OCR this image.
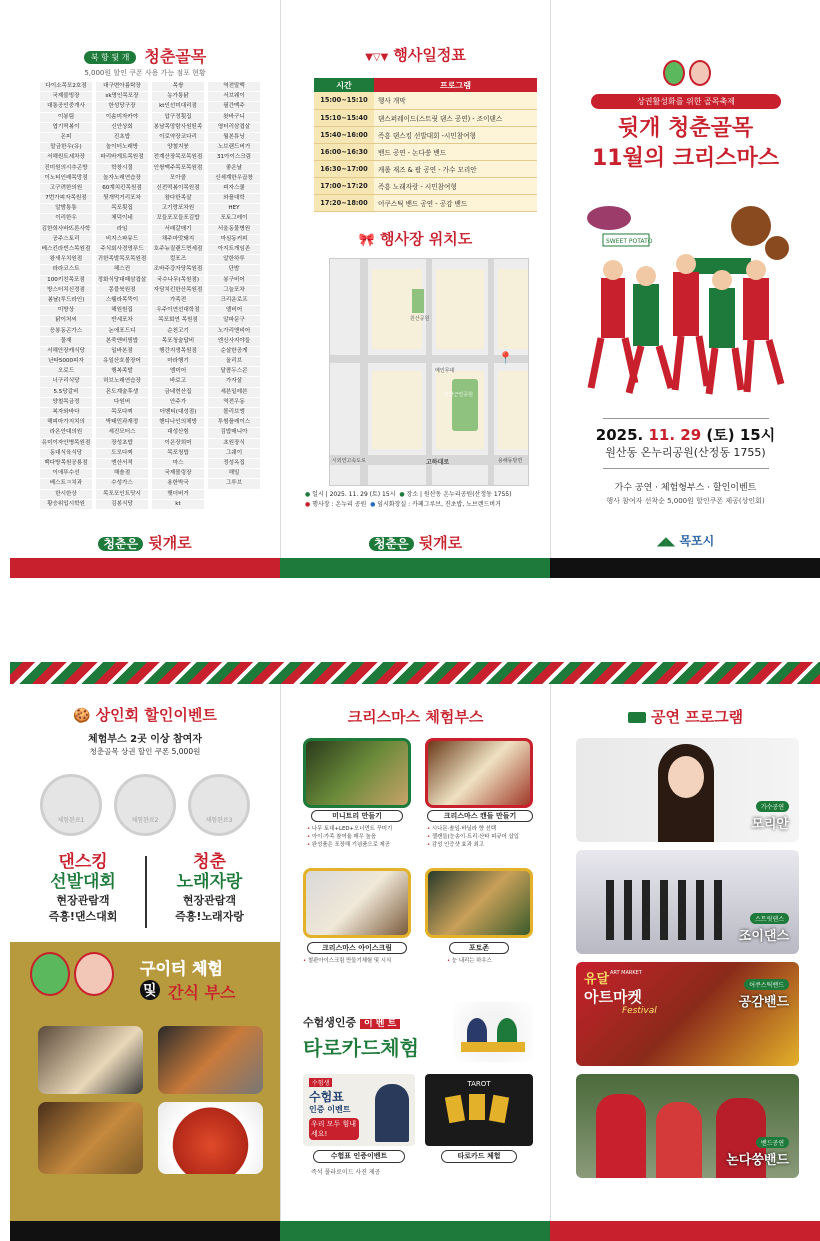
북 항 뒷 개 청춘골목
5,000원 할인 쿠폰 사용 가능 점포 현황
다이소목포2호점	대구변아름탁장	목쌍	역전말멕
국제불빙장	sk명인목포장	농가통닭	서브웨이
대통공인중개사	한성당구장	kt인선미대리점	필간맥주
이봉팀	이솜미자카야	압구정횟집	왓바구니
엽기떡볶이	신안상회	봉남목망람사원띤족	영터리삼겹살
온피	진초밥	이로약장코다리	월본튜닝
말금한우(유)	놀이터노래방	양철지붕	노브랜드버거
서해원트세차장	파리바게트목원점	전계산장목포목원점	31아이스크림
진미원의시추곤방	학창시절	인쌍맥주목포목원점	좋은날
이노티인레목망점	놀자노래연습장	모아콜	신세계한우곱창
고구려한의원	60계치킨목원점	신전떡볶이목원점	피자스쿨
7번가피자목원점	뒷개먹거리포차	참다한족살	와플대학
알밤통통	목포횟집	고기랑포차원	HEY
이리한우	체덕이네	꼬들포꼬들포김밥	포토그레이
김한희사바뜨론사학	라임	서래갈매기	서울동물병원
공주스토리	비지스파뮤드	채주마맛돼지	마심동커피
베스킨라빈스목원점	주식회사경영푸드	호주뉴질랜드면세점	아지트게임존
왕새우치원점	귀한족발목포목원점	컬포즈	알한하루
라라코스트	헤스컨	조바주강자당목원점	단밤
100키친목포점	정화식당대패삼겹살	국수나무(목원점)	봉구비어
방스터치신정점	몽블북원점	자담치킨한산목원점	그늘포차
봄날(투드라인)	스웰라목뚝이	가족전	크리운로프
미방상	해원원집	우주이연선대학점	앨비어
닭이처씨	반세포차	목포회연 목원점	알파문구
응봉동곤가스	논에포드디	순천고기	노가리앤비어
물재	본죽앤비빔밥	목포청술답비	엔신사지야들
서해안장캐식당	일바본점	행간지생목원점	순살한공게
난타5000피자	유일산호볼장어	마라행기	올리브
오로드	행복족발	엠미어	달콤두스콘
너구리식당	허브노래연습장	바로고	가자살
5.5당갈비	몬도계술후생	금네현산집	세븐일레븐
양철목금정	다원버	안주가	역전우동
복자와바다	목포다찌	더벤티(대성점)	몰리브엥
해피마가지치의	박태민과재정	핸디나인의체방	투썸플레이스
라온안대의원	세진모터스	대성산힘	김밥매니아
유미이자안병목원점	장성초밥	이은장희머	초원장식
동대식육식당	도모다찌	목포청밥	그쉐이
백다방목원공룡점	엔산서적	마스	정성옥집
이애뚜수선	해솔점	국제볼링장	해밀
베스트ㅋ치과	수성가스	용한박국	그루브
한시한상	목포포인트닷시	햇더버거
황승위입시학원	김봉식당	kt
청춘은 뒷개로
▼▽▼ 행사일정표
시간	프로그램
15:00~15:10	행사 개막
15:10~15:40	댄스퍼레이드(스트릿 댄스 공연) - 조이댄스
15:40~16:00	즉흥 댄스킹 선발대회 -시민참여형
16:00~16:30	밴드 공연 - 논다쑹 밴드
16:30~17:00	캐롤 재즈 & 팝 공연 - 가수 모리안
17:00~17:20	즉흥 노래자랑 - 시민참여형
17:20~18:00	어쿠스틱 밴드 공연 - 공감 밴드
🎀 행사장 위치도
원산공원
원산근린공원
메인무대
고하대로
시외연고속도로	용해동방면
📍
● 일시 | 2025. 11. 29 (토) 15시 ● 장소 | 원산동 온누리공원(산정동 1755)
● 행사장 : 온누리 공원 ● 임시화장실 : 카페그루브, 진초밥, 노브랜드버거
청춘은 뒷개로
상권활성화를 위한 골목축제
뒷개 청춘골목
11월의 크리스마스
SWEET POTATO
2025. 11. 29 (토) 15시
원산동 온누리공원(산정동 1755)
가수 공연 · 체험형부스 · 할인이벤트
행사 참여자 선착순 5,000원 할인쿠폰 제공(상인회)
◢◣ 목포시
🍪 상인회 할인이벤트
체험부스 2곳 이상 참여자
청춘골목 상권 할인 쿠폰 5,000원
체험완료1	체험완료2	체험완료3
댄스킹
선발대회
현장관람객
즉흥!댄스대회
청춘
노래자랑
현장관람객
즉흥!노래자랑
구이터 체험
및 간식 부스
크리스마스 체험부스
미니트리 만들기	크리스마스 캔들 만들기
• 나무 토대+LED+오너먼트 꾸미기
• 아이·가족 참여율 매우 높음
• 완성품은 포장해 기념품으로 제공
• 시나몬·솔잎·바닐라 향 선택
• 젤캔들(눈송이·트리·산타 피규어 삽입
• 감성 인증샷 효과 최고
크리스마스 아이스크림	포토존
• 철판아이스크림 만들기체험 및 시식	• 눈 내리는 하우스
수험생인증 이 벤 트
타로카드체험
수험생
수험표
인증 이벤트
우리 모두 힘내세요!
TAROT
수험표 인증이벤트	타로카드 체험
즉석 폴라로이드 사진 제공
공연 프로그램
가수공연
모리안
스트릿댄스
조이댄스
유달 ART MARKET
아트마켓
Festival
어쿠스틱밴드
공감밴드
밴드공연
논다쑹밴드
